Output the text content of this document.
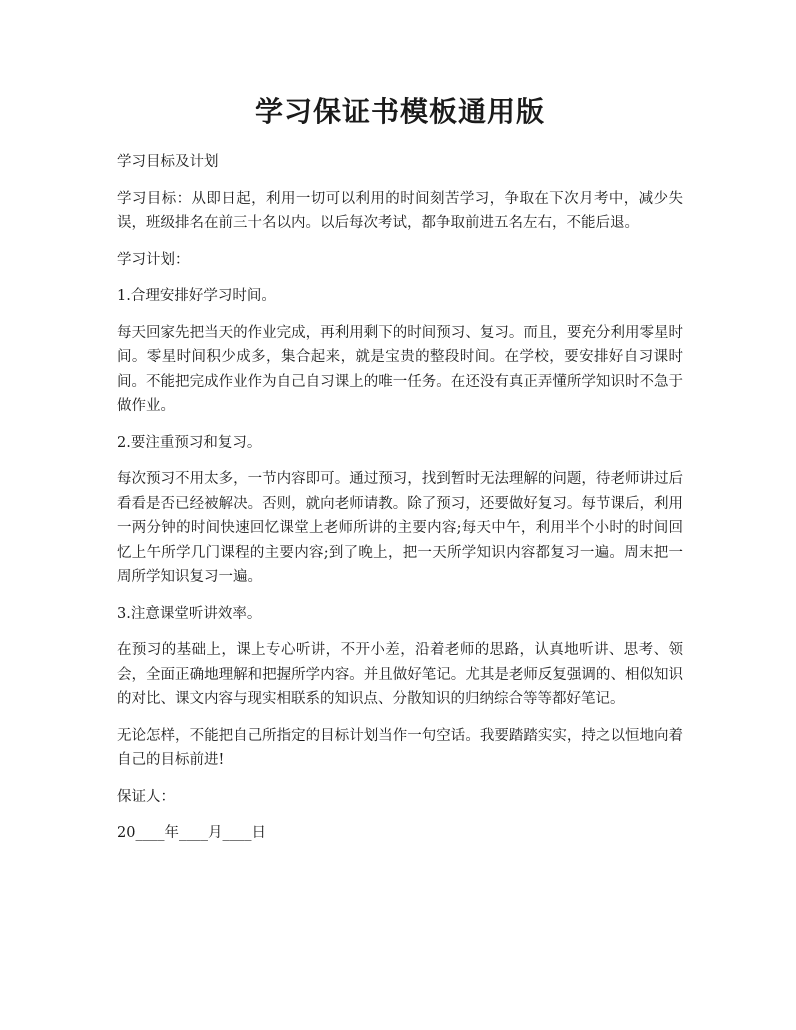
学习保证书模板通用版

学习目标及计划

学习目标：从即日起，利用一切可以利用的时间刻苦学习，争取在下次月考中，减少失误，班级排名在前三十名以内。以后每次考试，都争取前进五名左右，不能后退。

学习计划：

1.合理安排好学习时间。

每天回家先把当天的作业完成，再利用剩下的时间预习、复习。而且，要充分利用零星时间。零星时间积少成多，集合起来，就是宝贵的整段时间。在学校，要安排好自习课时间。不能把完成作业作为自己自习课上的唯一任务。在还没有真正弄懂所学知识时不急于做作业。

2.要注重预习和复习。

每次预习不用太多，一节内容即可。通过预习，找到暂时无法理解的问题，待老师讲过后看看是否已经被解决。否则，就向老师请教。除了预习，还要做好复习。每节课后，利用一两分钟的时间快速回忆课堂上老师所讲的主要内容;每天中午，利用半个小时的时间回忆上午所学几门课程的主要内容;到了晚上，把一天所学知识内容都复习一遍。周末把一周所学知识复习一遍。

3.注意课堂听讲效率。

在预习的基础上，课上专心听讲，不开小差，沿着老师的思路，认真地听讲、思考、领会，全面正确地理解和把握所学内容。并且做好笔记。尤其是老师反复强调的、相似知识的对比、课文内容与现实相联系的知识点、分散知识的归纳综合等等都好笔记。

无论怎样，不能把自己所指定的目标计划当作一句空话。我要踏踏实实，持之以恒地向着自己的目标前进!

保证人：

20____年____月____日
